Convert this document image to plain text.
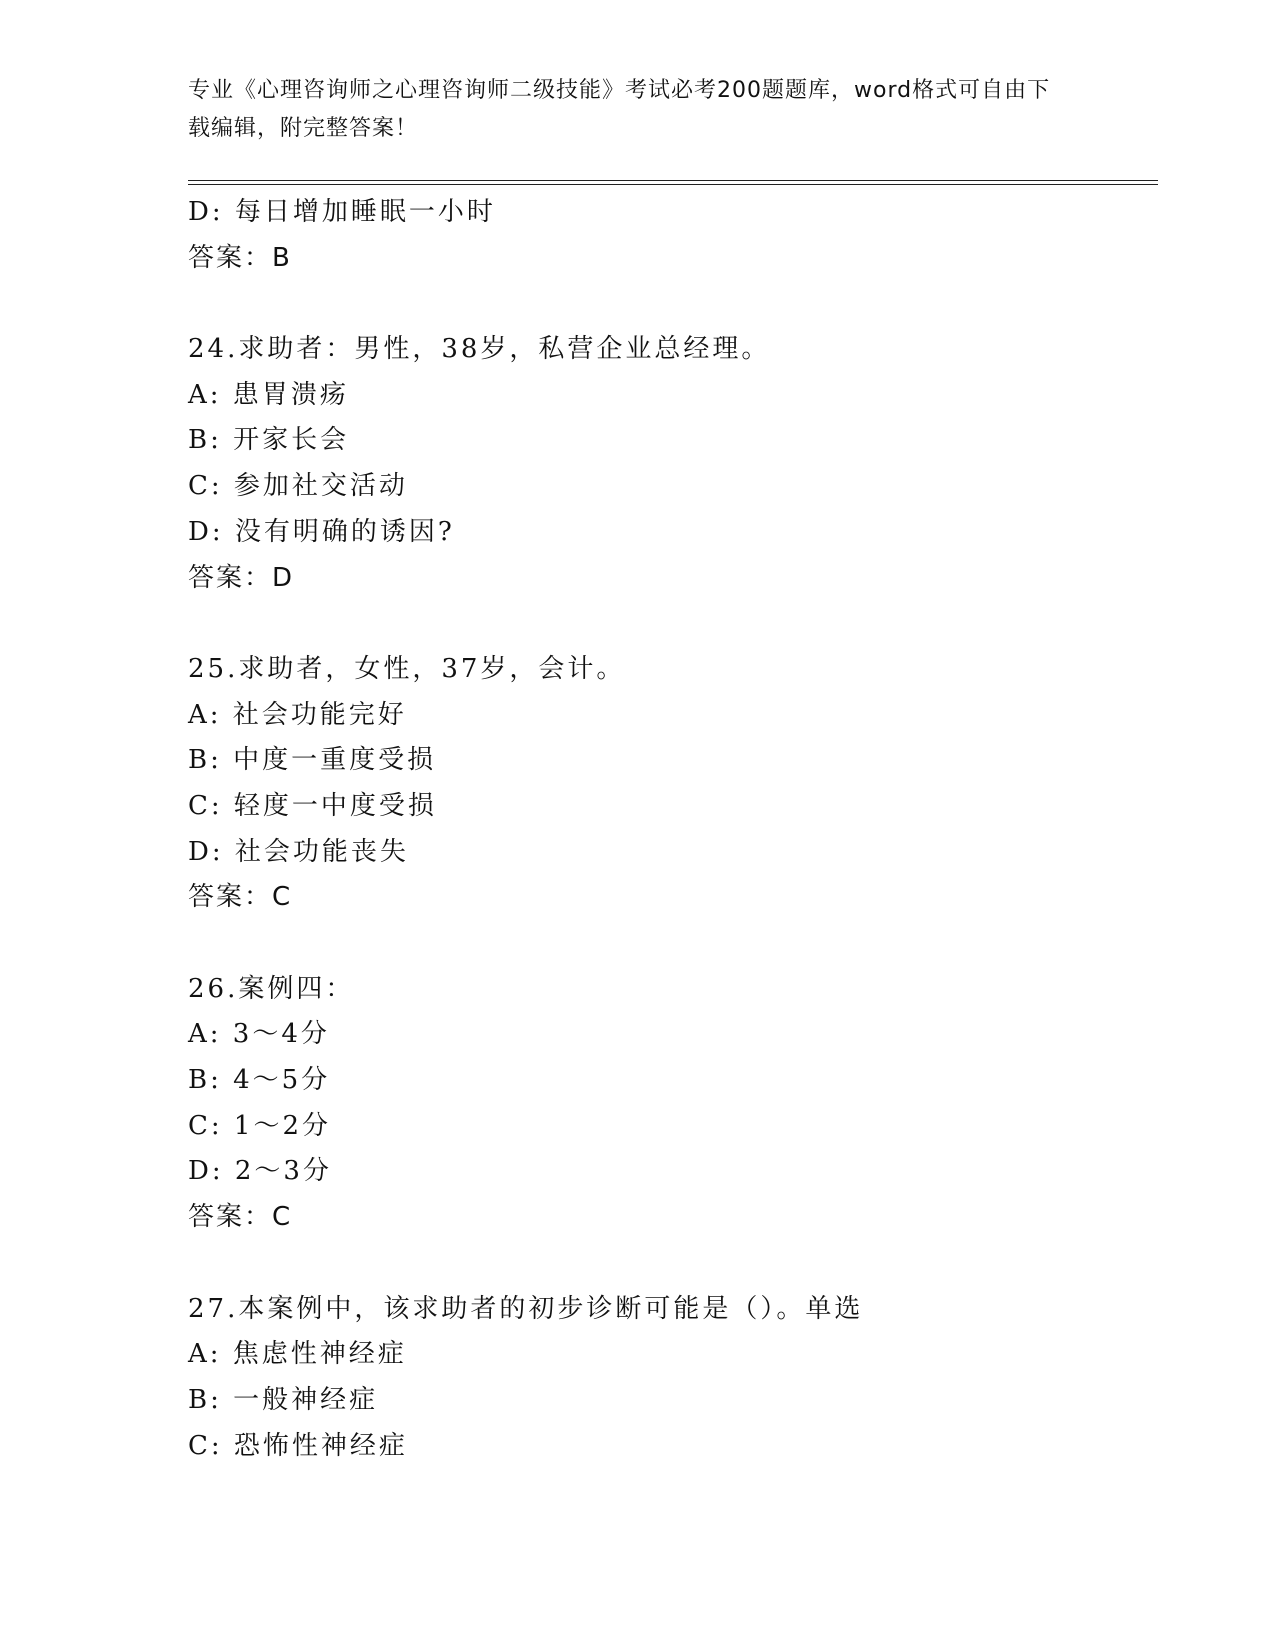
专业《心理咨询师之心理咨询师二级技能》考试必考200题题库，word格式可自由下载编辑，附完整答案！
D: 每日增加睡眠一小时
答案：B
24.求助者：男性，38岁，私营企业总经理。
A: 患胃溃疡
B: 开家长会
C: 参加社交活动
D: 没有明确的诱因?
答案：D
25.求助者，女性，37岁，会计。
A: 社会功能完好
B: 中度一重度受损
C: 轻度一中度受损
D: 社会功能丧失
答案：C
26.案例四：
A: 3～4分
B: 4～5分
C: 1～2分
D: 2～3分
答案：C
27.本案例中，该求助者的初步诊断可能是（）。单选
A: 焦虑性神经症
B: 一般神经症
C: 恐怖性神经症
